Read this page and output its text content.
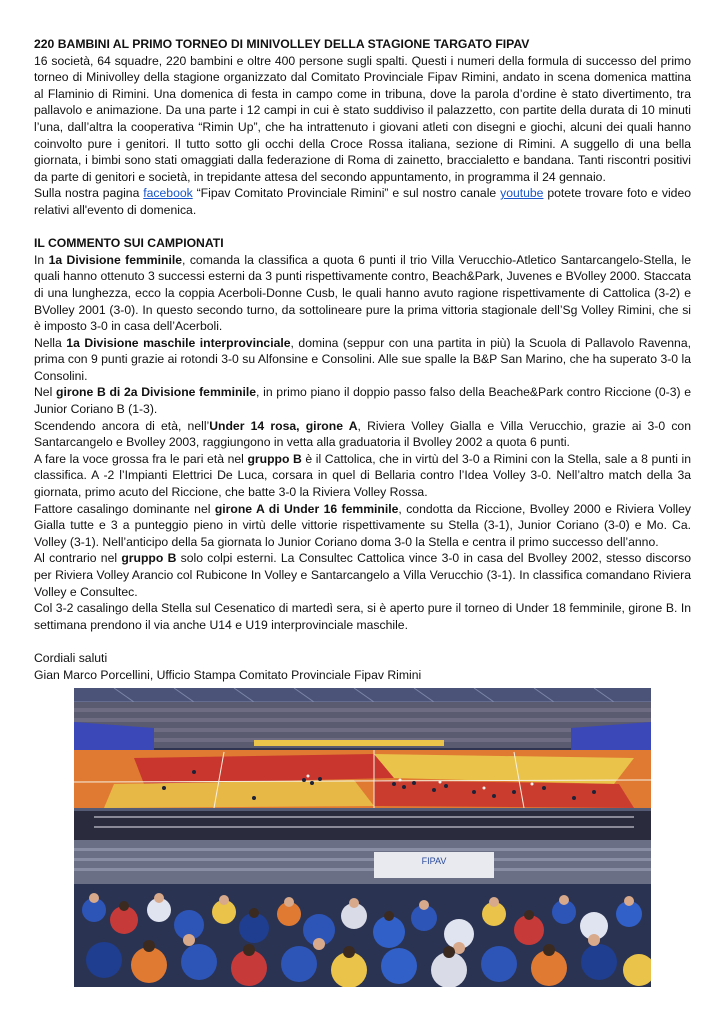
220 BAMBINI AL PRIMO TORNEO DI MINIVOLLEY DELLA STAGIONE TARGATO FIPAV

16 società, 64 squadre, 220 bambini e oltre 400 persone sugli spalti. Questi i numeri della formula di successo del primo torneo di Minivolley della stagione organizzato dal Comitato Provinciale Fipav Rimini, andato in scena domenica mattina al Flaminio di Rimini. Una domenica di festa in campo come in tribuna, dove la parola d’ordine è stato divertimento, tra pallavolo e animazione. Da una parte i 12 campi in cui è stato suddiviso il palazzetto, con partite della durata di 10 minuti l’una, dall’altra la cooperativa “Rimin Up”, che ha intrattenuto i giovani atleti con disegni e giochi, alcuni dei quali hanno coinvolto pure i genitori. Il tutto sotto gli occhi della Croce Rossa italiana, sezione di Rimini. A suggello di una bella giornata, i bimbi sono stati omaggiati dalla federazione di Roma di zainetto, braccialetto e bandana. Tanti riscontri positivi da parte di genitori e società, in trepidante attesa del secondo appuntamento, in programma il 24 gennaio.

Sulla nostra pagina facebook “Fipav Comitato Provinciale Rimini” e sul nostro canale youtube potete trovare foto e video relativi all'evento di domenica.

IL COMMENTO SUI CAMPIONATI

In 1a Divisione femminile, comanda la classifica a quota 6 punti il trio Villa Verucchio-Atletico Santarcangelo-Stella, le quali hanno ottenuto 3 successi esterni da 3 punti rispettivamente contro, Beach&Park, Juvenes e BVolley 2000. Staccata di una lunghezza, ecco la coppia Acerboli-Donne Cusb, le quali hanno avuto ragione rispettivamente di Cattolica (3-2) e BVolley 2001 (3-0). In questo secondo turno, da sottolineare pure la prima vittoria stagionale dell’Sg Volley Rimini, che si è imposto 3-0 in casa dell’Acerboli.

Nella 1a Divisione maschile interprovinciale, domina (seppur con una partita in più) la Scuola di Pallavolo Ravenna, prima con 9 punti grazie ai rotondi 3-0 su Alfonsine e Consolini. Alle sue spalle la B&P San Marino, che ha superato 3-0 la Consolini.

Nel girone B di 2a Divisione femminile, in primo piano il doppio passo falso della Beache&Park contro Riccione (0-3) e Junior Coriano B (1-3).

Scendendo ancora di età, nell’Under 14 rosa, girone A, Riviera Volley Gialla e Villa Verucchio, grazie ai 3-0 con Santarcangelo e Bvolley 2003, raggiungono in vetta alla graduatoria il Bvolley 2002 a quota 6 punti.

A fare la voce grossa fra le pari età nel gruppo B è il Cattolica, che in virtù del 3-0 a Rimini con la Stella, sale a 8 punti in classifica. A -2 l’Impianti Elettrici De Luca, corsara in quel di Bellaria contro l’Idea Volley 3-0. Nell’altro match della 3a giornata, primo acuto del Riccione, che batte 3-0 la Riviera Volley Rossa.

Fattore casalingo dominante nel girone A di Under 16 femminile, condotta da Riccione, Bvolley 2000 e Riviera Volley Gialla tutte e 3 a punteggio pieno in virtù delle vittorie rispettivamente su Stella (3-1), Junior Coriano (3-0) e Mo. Ca. Volley (3-1). Nell’anticipo della 5a giornata lo Junior Coriano doma 3-0 la Stella e centra il primo successo dell’anno.

Al contrario nel gruppo B solo colpi esterni. La Consultec Cattolica vince 3-0 in casa del Bvolley 2002, stesso discorso per Riviera Volley Arancio col Rubicone In Volley e Santarcangelo a Villa Verucchio (3-1). In classifica comandano Riviera Volley e Consultec.

Col 3-2 casalingo della Stella sul Cesenatico di martedì sera, si è aperto pure il torneo di Under 18 femminile, girone B. In settimana prendono il via anche U14 e U19 interprovinciale maschile.

Cordiali saluti

Gian Marco Porcellini, Ufficio Stampa Comitato Provinciale Fipav Rimini

FIPAV
